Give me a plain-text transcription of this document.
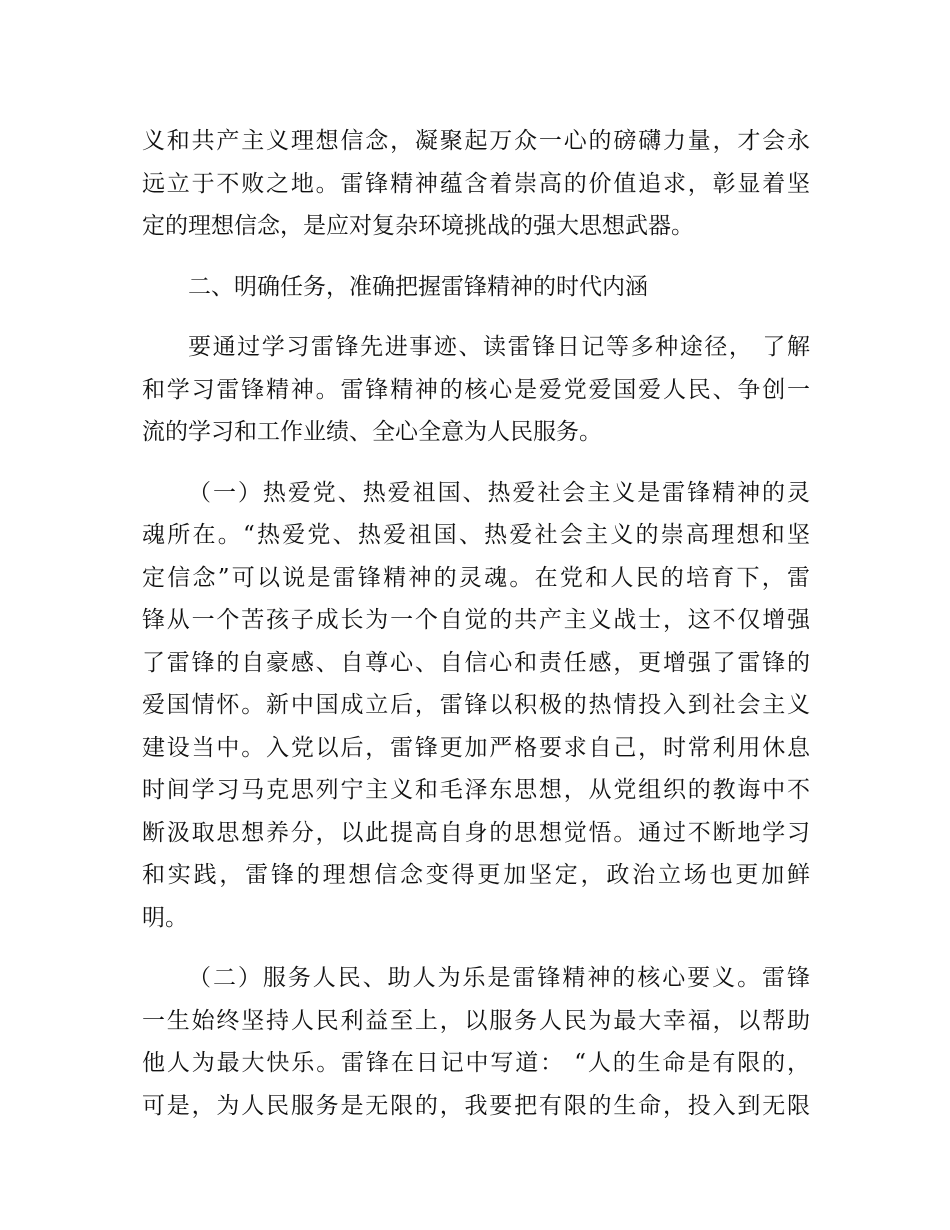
义和共产主义理想信念，凝聚起万众一心的磅礴力量，才会永

远立于不败之地。雷锋精神蕴含着崇高的价值追求，彰显着坚

定的理想信念，是应对复杂环境挑战的强大思想武器。

二、明确任务，准确把握雷锋精神的时代内涵

要通过学习雷锋先进事迹、读雷锋日记等多种途径， 了解

和学习雷锋精神。雷锋精神的核心是爱党爱国爱人民、争创一

流的学习和工作业绩、全心全意为人民服务。

（一）热爱党、热爱祖国、热爱社会主义是雷锋精神的灵

魂所在。“热爱党、热爱祖国、热爱社会主义的崇高理想和坚

定信念”可以说是雷锋精神的灵魂。在党和人民的培育下，雷

锋从一个苦孩子成长为一个自觉的共产主义战士，这不仅增强

了雷锋的自豪感、自尊心、自信心和责任感，更增强了雷锋的

爱国情怀。新中国成立后，雷锋以积极的热情投入到社会主义

建设当中。入党以后，雷锋更加严格要求自己，时常利用休息

时间学习马克思列宁主义和毛泽东思想，从党组织的教诲中不

断汲取思想养分，以此提高自身的思想觉悟。通过不断地学习

和实践，雷锋的理想信念变得更加坚定，政治立场也更加鲜

明。

（二）服务人民、助人为乐是雷锋精神的核心要义。雷锋

一生始终坚持人民利益至上，以服务人民为最大幸福，以帮助

他人为最大快乐。雷锋在日记中写道： “人的生命是有限的，

可是，为人民服务是无限的，我要把有限的生命，投入到无限
